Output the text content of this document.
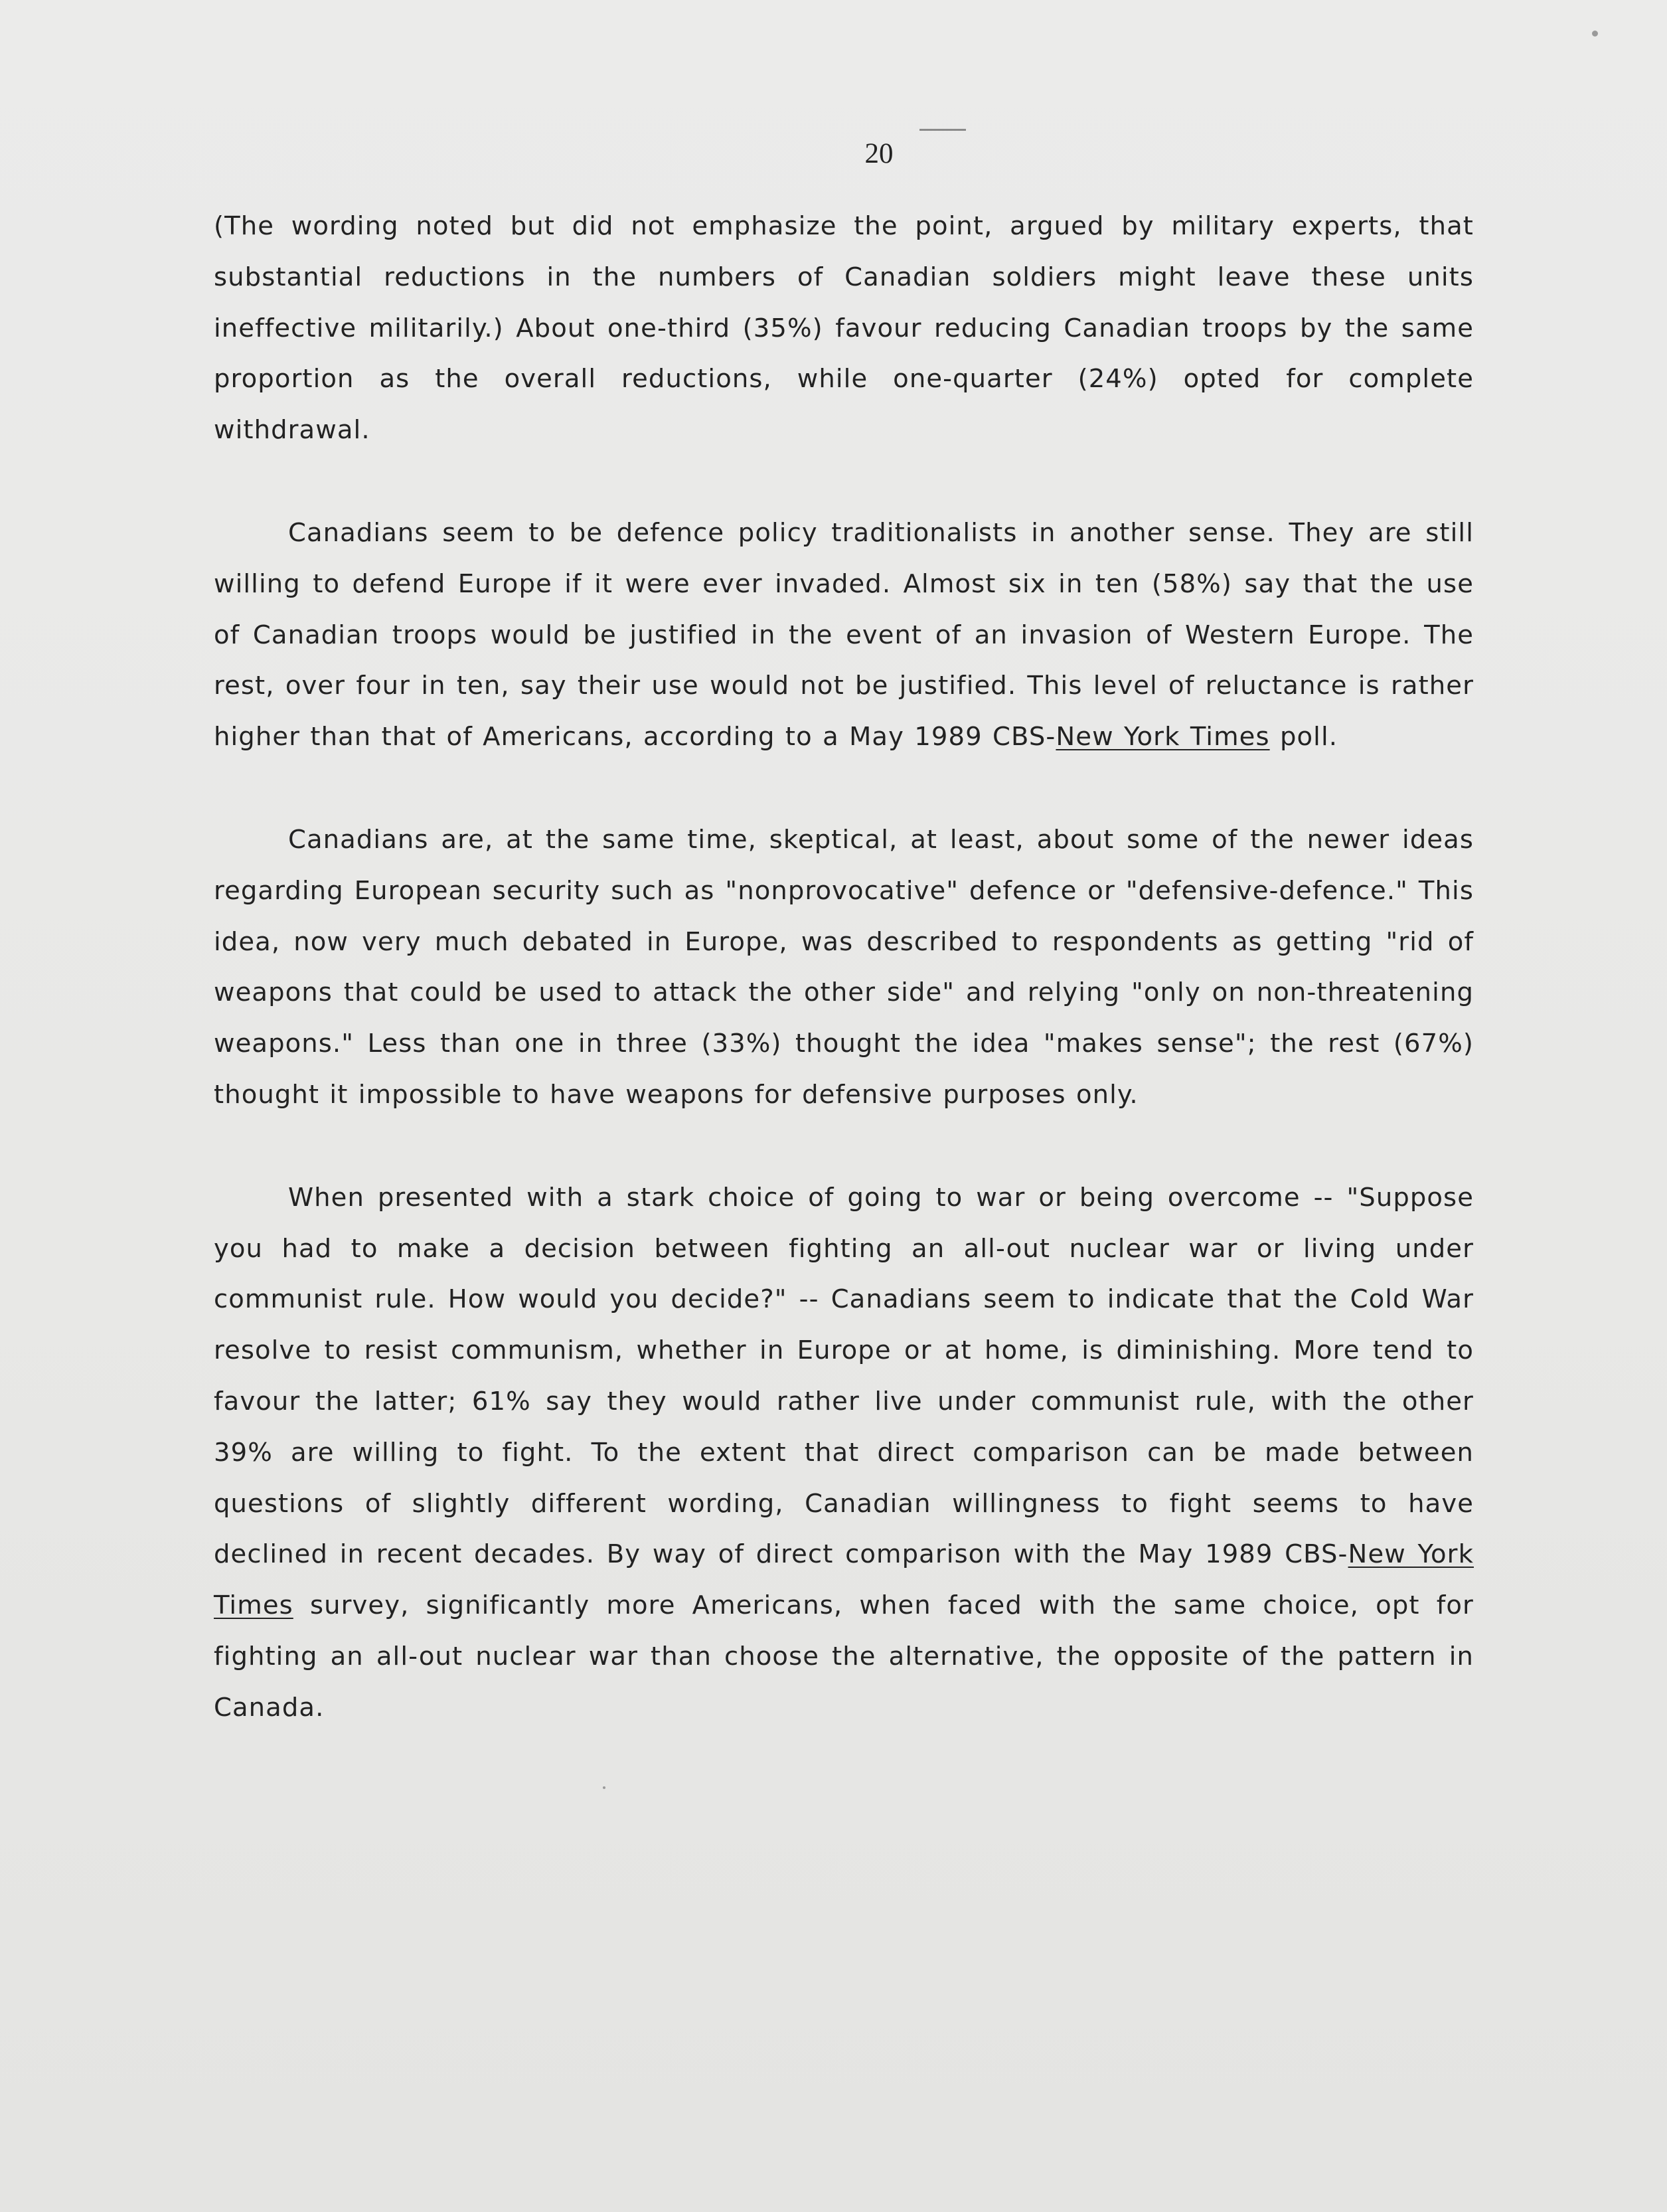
20

(The wording noted but did not emphasize the point, argued by military experts, that substantial reductions in the numbers of Canadian soldiers might leave these units ineffective militarily.) About one-third (35%) favour reducing Canadian troops by the same proportion as the overall reductions, while one-quarter (24%) opted for complete withdrawal.

Canadians seem to be defence policy traditionalists in another sense. They are still willing to defend Europe if it were ever invaded. Almost six in ten (58%) say that the use of Canadian troops would be justified in the event of an invasion of Western Europe. The rest, over four in ten, say their use would not be justified. This level of reluctance is rather higher than that of Americans, according to a May 1989 CBS-New York Times poll.

Canadians are, at the same time, skeptical, at least, about some of the newer ideas regarding European security such as "nonprovocative" defence or "defensive-defence." This idea, now very much debated in Europe, was described to respondents as getting "rid of weapons that could be used to attack the other side" and relying "only on non-threatening weapons." Less than one in three (33%) thought the idea "makes sense"; the rest (67%) thought it impossible to have weapons for defensive purposes only.

When presented with a stark choice of going to war or being overcome -- "Suppose you had to make a decision between fighting an all-out nuclear war or living under communist rule. How would you decide?" -- Canadians seem to indicate that the Cold War resolve to resist communism, whether in Europe or at home, is diminishing. More tend to favour the latter; 61% say they would rather live under communist rule, with the other 39% are willing to fight. To the extent that direct comparison can be made between questions of slightly different wording, Canadian willingness to fight seems to have declined in recent decades. By way of direct comparison with the May 1989 CBS-New York Times survey, significantly more Americans, when faced with the same choice, opt for fighting an all-out nuclear war than choose the alternative, the opposite of the pattern in Canada.
